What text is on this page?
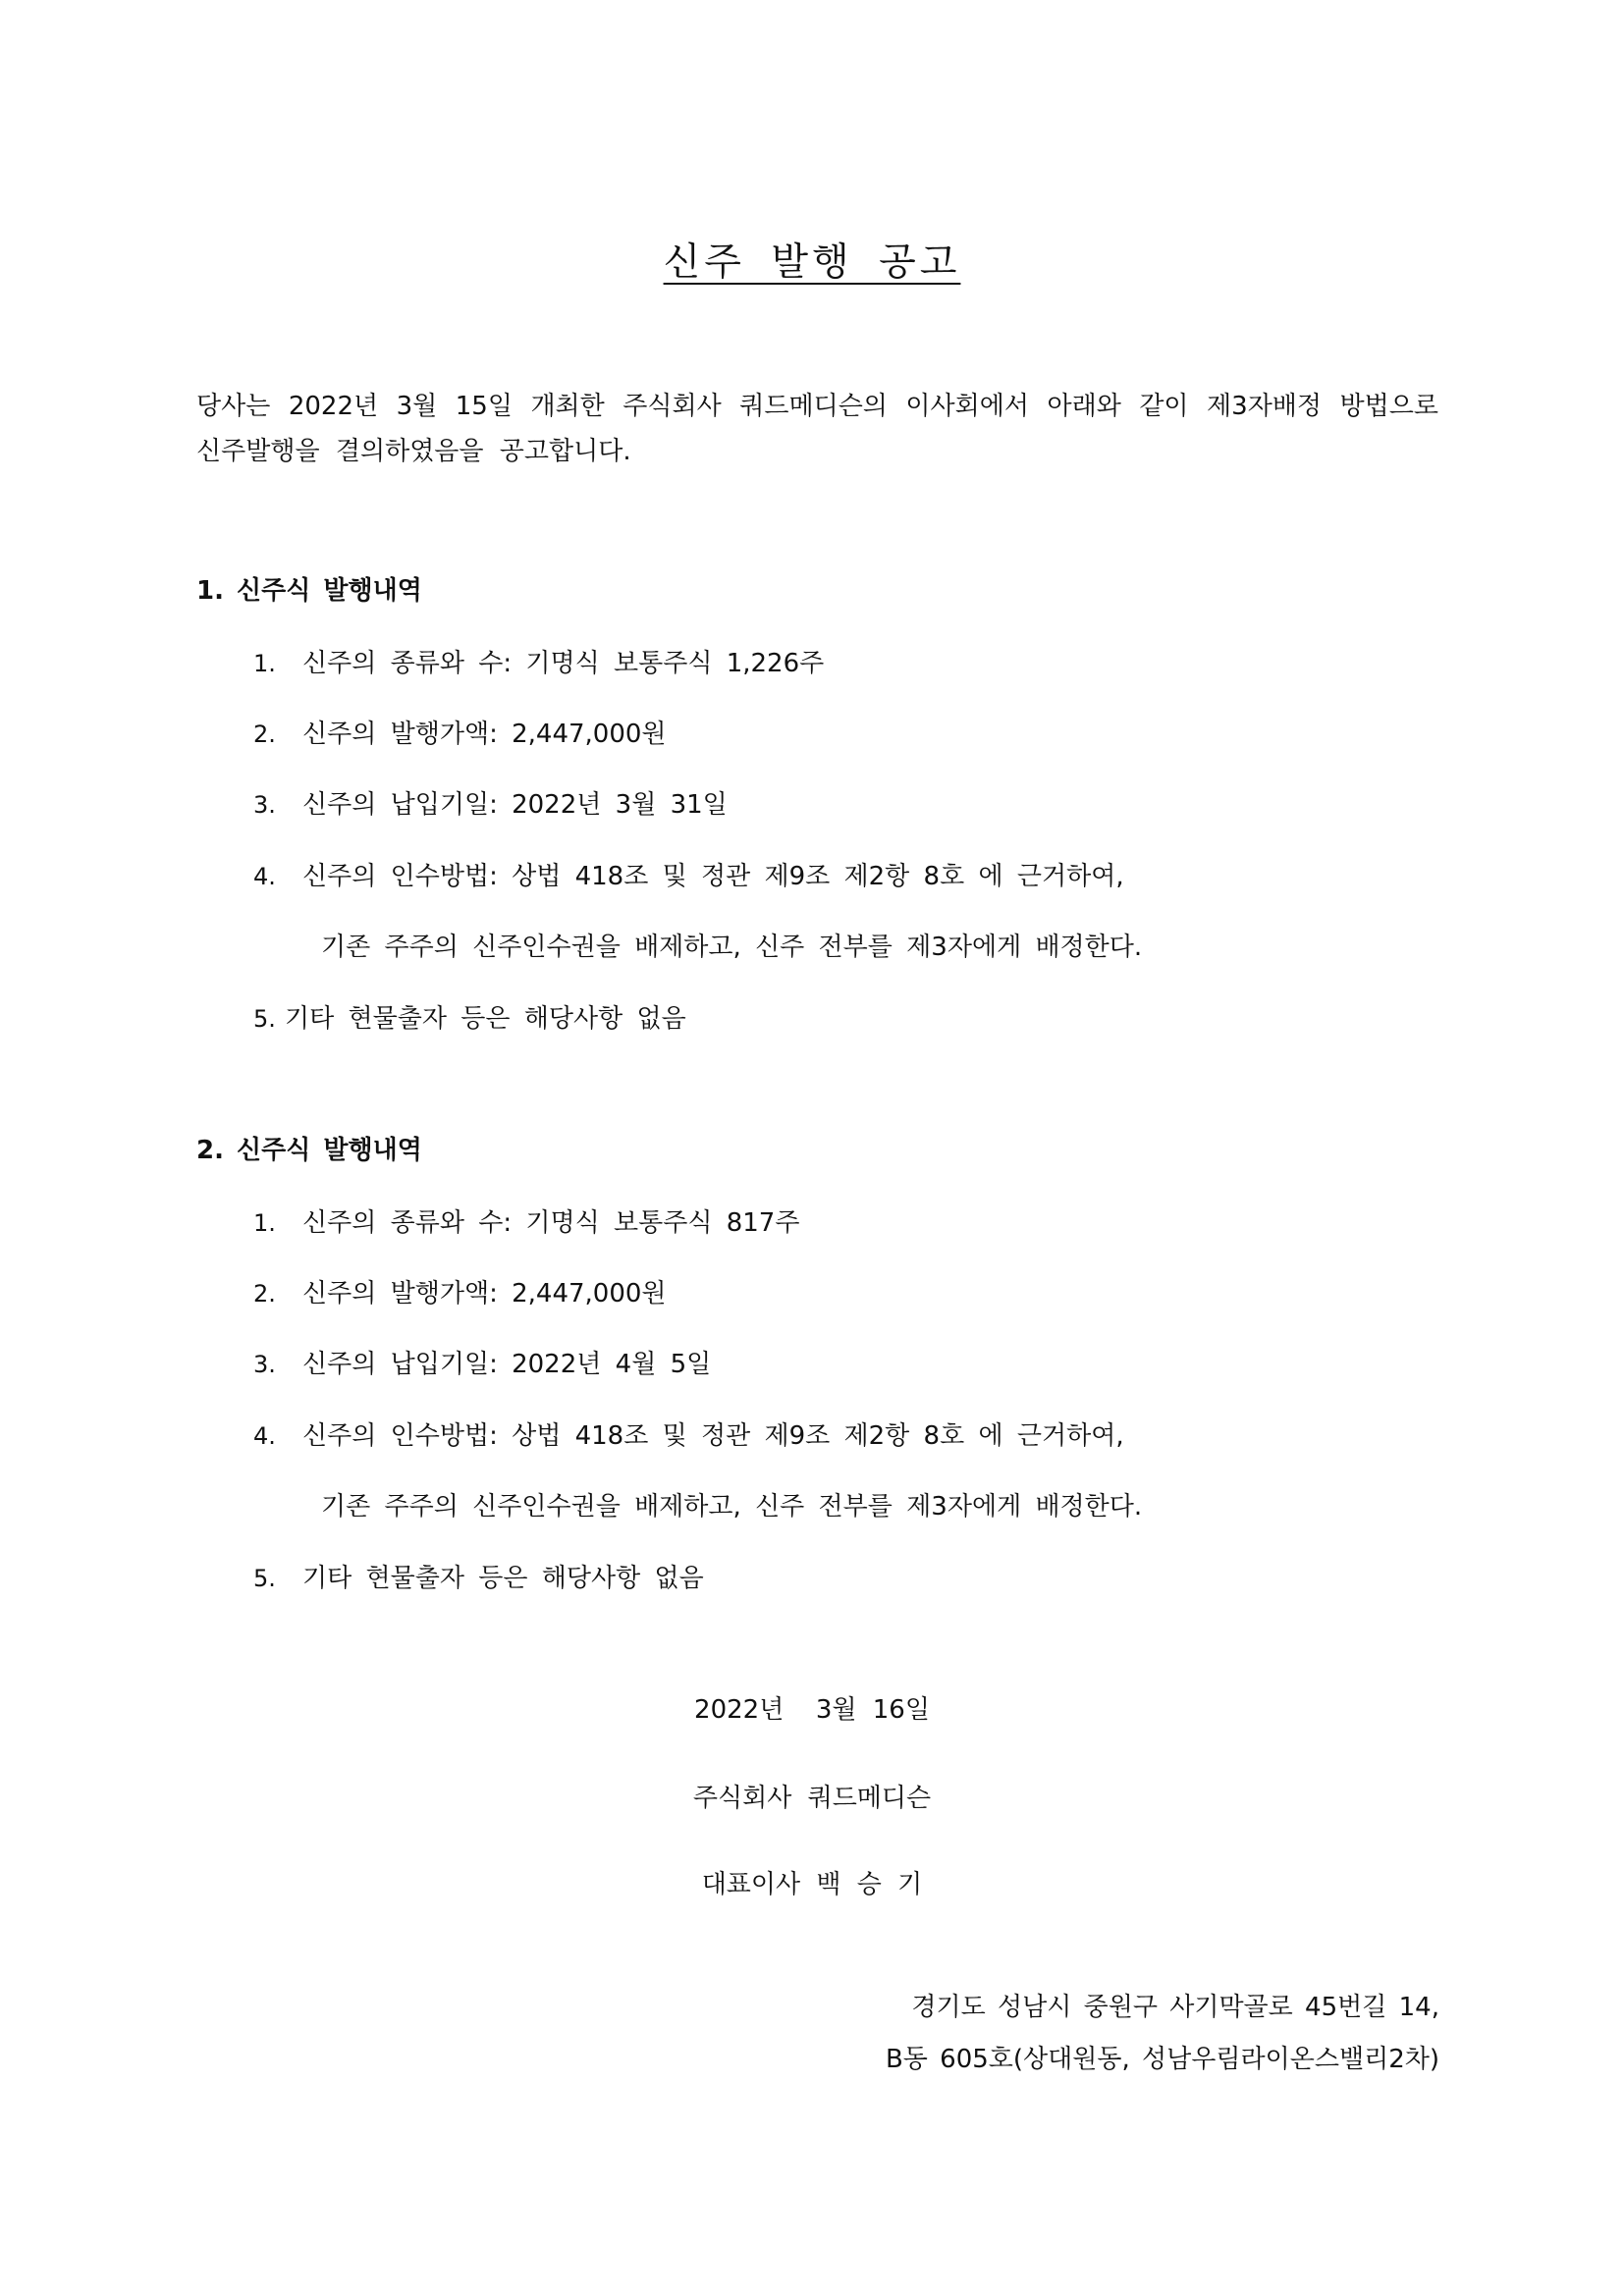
신주 발행 공고
당사는 2022년 3월 15일 개최한 주식회사 쿼드메디슨의 이사회에서 아래와 같이 제3자배정 방법으로 신주발행을 결의하였음을 공고합니다.
1. 신주식 발행내역
1. 신주의 종류와 수: 기명식 보통주식 1,226주
2. 신주의 발행가액: 2,447,000원
3. 신주의 납입기일: 2022년 3월 31일
4. 신주의 인수방법: 상법 418조 및 정관 제9조 제2항 8호 에 근거하여,
기존 주주의 신주인수권을 배제하고, 신주 전부를 제3자에게 배정한다.
5. 기타 현물출자 등은 해당사항 없음
2. 신주식 발행내역
1. 신주의 종류와 수: 기명식 보통주식 817주
2. 신주의 발행가액: 2,447,000원
3. 신주의 납입기일: 2022년 4월 5일
4. 신주의 인수방법: 상법 418조 및 정관 제9조 제2항 8호 에 근거하여,
기존 주주의 신주인수권을 배제하고, 신주 전부를 제3자에게 배정한다.
5. 기타 현물출자 등은 해당사항 없음
2022년  3월 16일
주식회사 쿼드메디슨
대표이사 백 승 기
경기도 성남시 중원구 사기막골로 45번길 14,
B동 605호(상대원동, 성남우림라이온스밸리2차)
